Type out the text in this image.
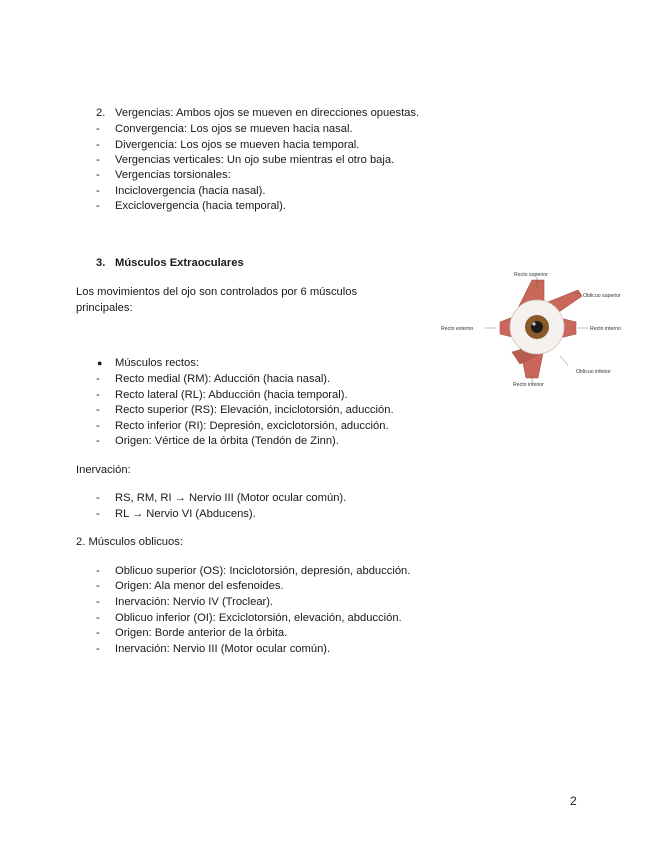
2. Vergencias: Ambos ojos se mueven en direcciones opuestas.
- Convergencia: Los ojos se mueven hacia nasal.
- Divergencia: Los ojos se mueven hacia temporal.
- Vergencias verticales: Un ojo sube mientras el otro baja.
- Vergencias torsionales:
- Inciclovergencia (hacia nasal).
- Exciclovergencia (hacia temporal).
3. Músculos Extraoculares

Los movimientos del ojo son controlados por 6 músculos principales:

Recto superior
Oblicuo superior
Recto externo	Recto interno
Oblicuo inferior
Recto inferior
● Músculos rectos:
- Recto medial (RM): Aducción (hacia nasal).
- Recto lateral (RL): Abducción (hacia temporal).
- Recto superior (RS): Elevación, inciclotorsión, aducción.
- Recto inferior (RI): Depresión, exciclotorsión, aducción.
- Origen: Vértice de la órbita (Tendón de Zinn).
Inervación:
- RS, RM, RI → Nervio III (Motor ocular común).
- RL → Nervio VI (Abducens).
2. Músculos oblicuos:
- Oblicuo superior (OS): Inciclotorsión, depresión, abducción.
- Origen: Ala menor del esfenoides.
- Inervación: Nervio IV (Troclear).
- Oblicuo inferior (OI): Exciclotorsión, elevación, abducción.
- Origen: Borde anterior de la órbita.
- Inervación: Nervio III (Motor ocular común).
2
